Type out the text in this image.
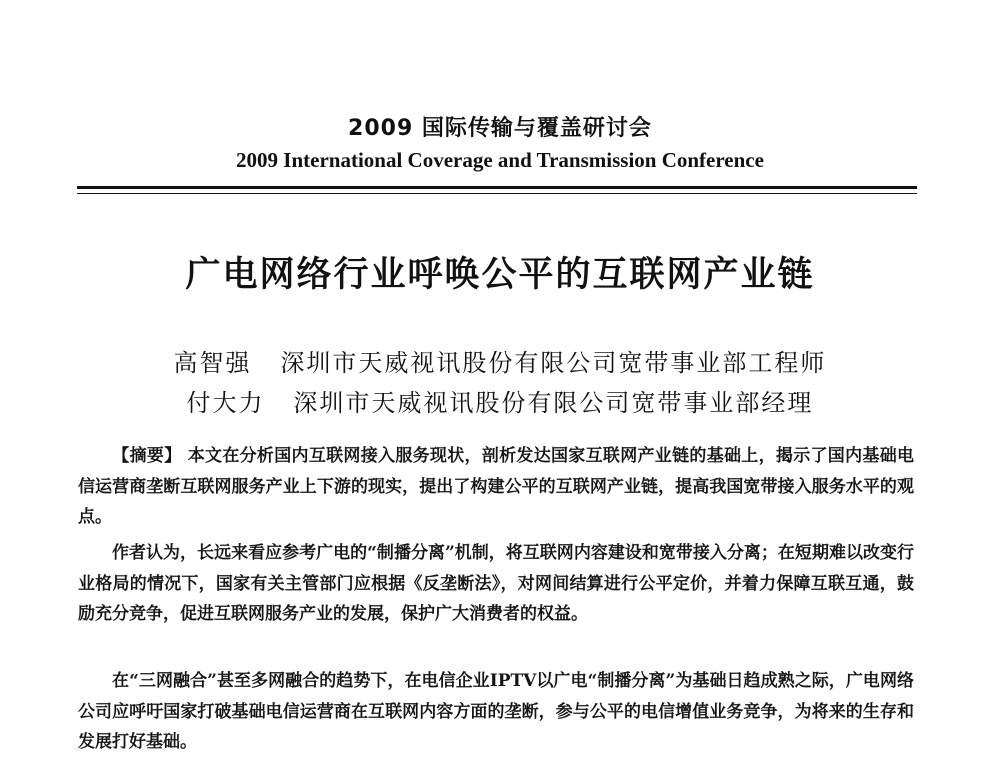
2009 国际传输与覆盖研讨会
2009 International Coverage and Transmission Conference
广电网络行业呼唤公平的互联网产业链
高智强   深圳市天威视讯股份有限公司宽带事业部工程师
付大力   深圳市天威视讯股份有限公司宽带事业部经理
【摘要】 本文在分析国内互联网接入服务现状，剖析发达国家互联网产业链的基础上，揭示了国内基础电信运营商垄断互联网服务产业上下游的现实，提出了构建公平的互联网产业链，提高我国宽带接入服务水平的观点。
作者认为，长远来看应参考广电的“制播分离”机制，将互联网内容建设和宽带接入分离；在短期难以改变行业格局的情况下，国家有关主管部门应根据《反垄断法》，对网间结算进行公平定价，并着力保障互联互通，鼓励充分竞争，促进互联网服务产业的发展，保护广大消费者的权益。
在“三网融合”甚至多网融合的趋势下，在电信企业IPTV以广电“制播分离”为基础日趋成熟之际，广电网络公司应呼吁国家打破基础电信运营商在互联网内容方面的垄断，参与公平的电信增值业务竞争，为将来的生存和发展打好基础。
